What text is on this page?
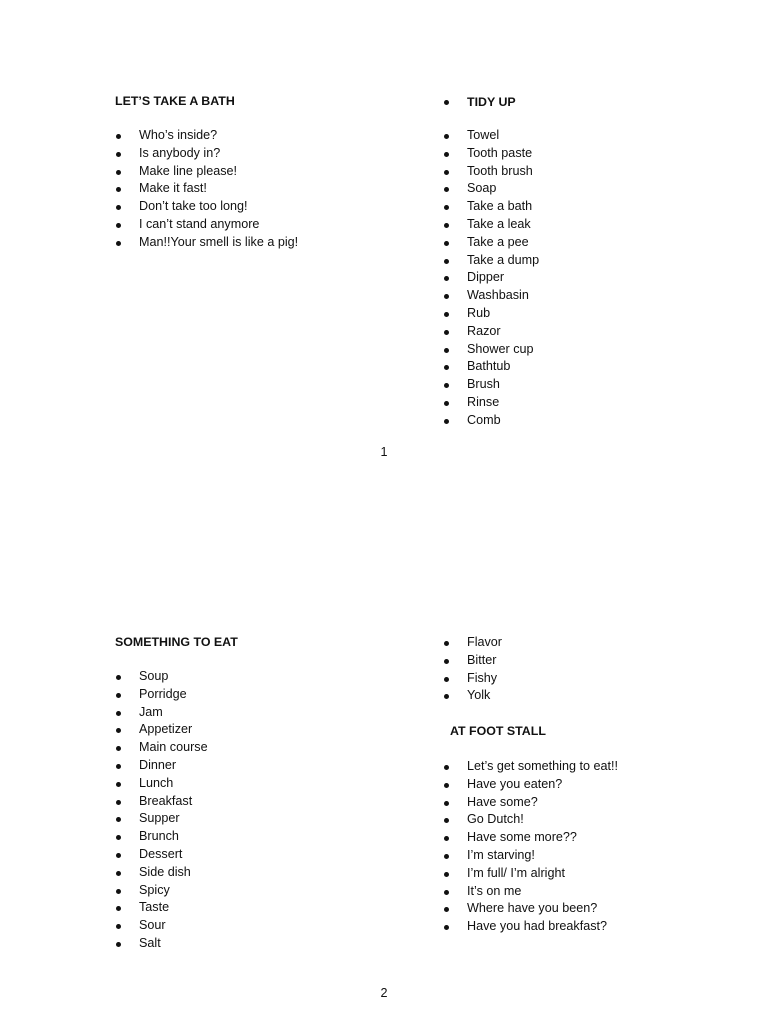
LET’S TAKE A BATH
Who’s inside?
Is anybody in?
Make line please!
Make it fast!
Don’t take too long!
I can’t stand anymore
Man!!Your smell is like a pig!
TIDY UP
Towel
Tooth paste
Tooth brush
Soap
Take a bath
Take a leak
Take a pee
Take a dump
Dipper
Washbasin
Rub
Razor
Shower cup
Bathtub
Brush
Rinse
Comb
1
SOMETHING TO EAT
Soup
Porridge
Jam
Appetizer
Main course
Dinner
Lunch
Breakfast
Supper
Brunch
Dessert
Side dish
Spicy
Taste
Sour
Salt
Flavor
Bitter
Fishy
Yolk
AT FOOT STALL
Let’s get something to eat!!
Have you eaten?
Have some?
Go Dutch!
Have some more??
I’m starving!
I’m full/ I’m alright
It’s on me
Where have you been?
Have you had breakfast?
2
